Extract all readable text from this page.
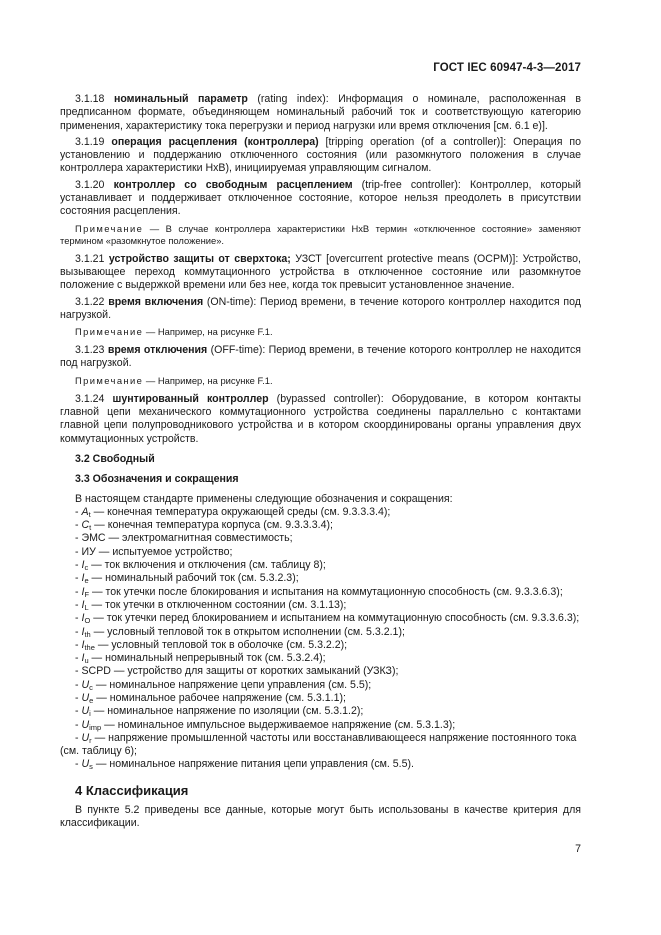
ГОСТ IEC 60947-4-3—2017

3.1.18 номинальный параметр (rating index): Информация о номинале, расположенная в предписанном формате, объединяющем номинальный рабочий ток и соответствующую категорию применения, характеристику тока перегрузки и период нагрузки или время отключения [см. 6.1 e)].

3.1.19 операция расцепления (контроллера) [tripping operation (of a controller)]: Операция по установлению и поддержанию отключенного состояния (или разомкнутого положения в случае контроллера характеристики НхВ), инициируемая управляющим сигналом.

3.1.20 контроллер со свободным расцеплением (trip-free controller): Контроллер, который устанавливает и поддерживает отключенное состояние, которое нельзя преодолеть в присутствии состояния расцепления.

Примечание — В случае контроллера характеристики НхВ термин «отключенное состояние» заменяют термином «разомкнутое положение».

3.1.21 устройство защиты от сверхтока; УЗСТ [overcurrent protective means (OCPM)]: Устройство, вызывающее переход коммутационного устройства в отключенное состояние или разомкнутое положение с выдержкой времени или без нее, когда ток превысит установленное значение.

3.1.22 время включения (ON-time): Период времени, в течение которого контроллер находится под нагрузкой.

Примечание — Например, на рисунке F.1.

3.1.23 время отключения (OFF-time): Период времени, в течение которого контроллер не находится под нагрузкой.

Примечание — Например, на рисунке F.1.

3.1.24 шунтированный контроллер (bypassed controller): Оборудование, в котором контакты главной цепи механического коммутационного устройства соединены параллельно с контактами главной цепи полупроводникового устройства и в котором скоординированы органы управления двух коммутационных устройств.

3.2 Свободный
3.3 Обозначения и сокращения

В настоящем стандарте применены следующие обозначения и сокращения:

- $A_t$ — конечная температура окружающей среды (см. 9.3.3.3.4);

- $C_t$ — конечная температура корпуса (см. 9.3.3.3.4);

- ЭМС — электромагнитная совместимость;

- ИУ — испытуемое устройство;

- $I_c$ — ток включения и отключения (см. таблицу 8);

- $I_e$ — номинальный рабочий ток (см. 5.3.2.3);

- $I_F$ — ток утечки после блокирования и испытания на коммутационную способность (см. 9.3.3.6.3);

- $I_L$ — ток утечки в отключенном состоянии (см. 3.1.13);

- $I_O$ — ток утечки перед блокированием и испытанием на коммутационную способность (см. 9.3.3.6.3);

- $I_{th}$ — условный тепловой ток в открытом исполнении (см. 5.3.2.1);

- $I_{the}$ — условный тепловой ток в оболочке (см. 5.3.2.2);

- $I_u$ — номинальный непрерывный ток (см. 5.3.2.4);

- SCPD — устройство для защиты от коротких замыканий (УЗКЗ);

- $U_c$ — номинальное напряжение цепи управления (см. 5.5);

- $U_e$ — номинальное рабочее напряжение (см. 5.3.1.1);

- $U_i$ — номинальное напряжение по изоляции (см. 5.3.1.2);

- $U_{imp}$ — номинальное импульсное выдерживаемое напряжение (см. 5.3.1.3);

- $U_r$ — напряжение промышленной частоты или восстанавливающееся напряжение постоянного тока (см. таблицу 6);

- $U_s$ — номинальное напряжение питания цепи управления (см. 5.5).

4 Классификация

В пункте 5.2 приведены все данные, которые могут быть использованы в качестве критерия для классификации.

7
